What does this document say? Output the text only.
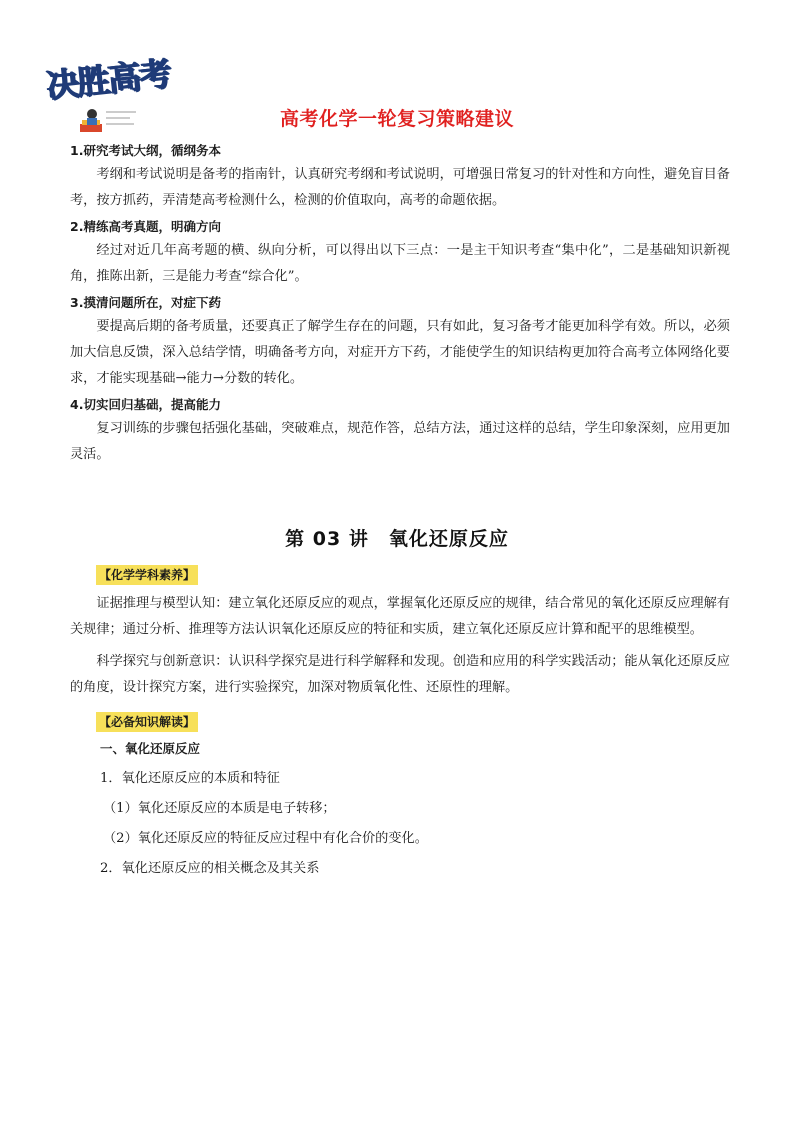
决胜高考
高考化学一轮复习策略建议

1.研究考试大纲，循纲务本

考纲和考试说明是备考的指南针，认真研究考纲和考试说明，可增强日常复习的针对性和方向性，避免盲目备考，按方抓药，弄清楚高考检测什么，检测的价值取向，高考的命题依据。

2.精练高考真题，明确方向

经过对近几年高考题的横、纵向分析，可以得出以下三点：一是主干知识考查“集中化”，二是基础知识新视角，推陈出新，三是能力考查“综合化”。

3.摸清问题所在，对症下药

要提高后期的备考质量，还要真正了解学生存在的问题，只有如此，复习备考才能更加科学有效。所以，必须加大信息反馈，深入总结学情，明确备考方向，对症开方下药，才能使学生的知识结构更加符合高考立体网络化要求，才能实现基础→能力→分数的转化。

4.切实回归基础，提高能力

复习训练的步骤包括强化基础，突破难点，规范作答，总结方法，通过这样的总结，学生印象深刻，应用更加灵活。

第 03 讲　氧化还原反应
【化学学科素养】

证据推理与模型认知：建立氧化还原反应的观点，掌握氧化还原反应的规律，结合常见的氧化还原反应理解有关规律；通过分析、推理等方法认识氧化还原反应的特征和实质，建立氧化还原反应计算和配平的思维模型。

科学探究与创新意识：认识科学探究是进行科学解释和发现。创造和应用的科学实践活动；能从氧化还原反应的角度，设计探究方案，进行实验探究，加深对物质氧化性、还原性的理解。

【必备知识解读】

一、氧化还原反应

1．氧化还原反应的本质和特征

（1）氧化还原反应的本质是电子转移；

（2）氧化还原反应的特征反应过程中有化合价的变化。

2．氧化还原反应的相关概念及其关系
